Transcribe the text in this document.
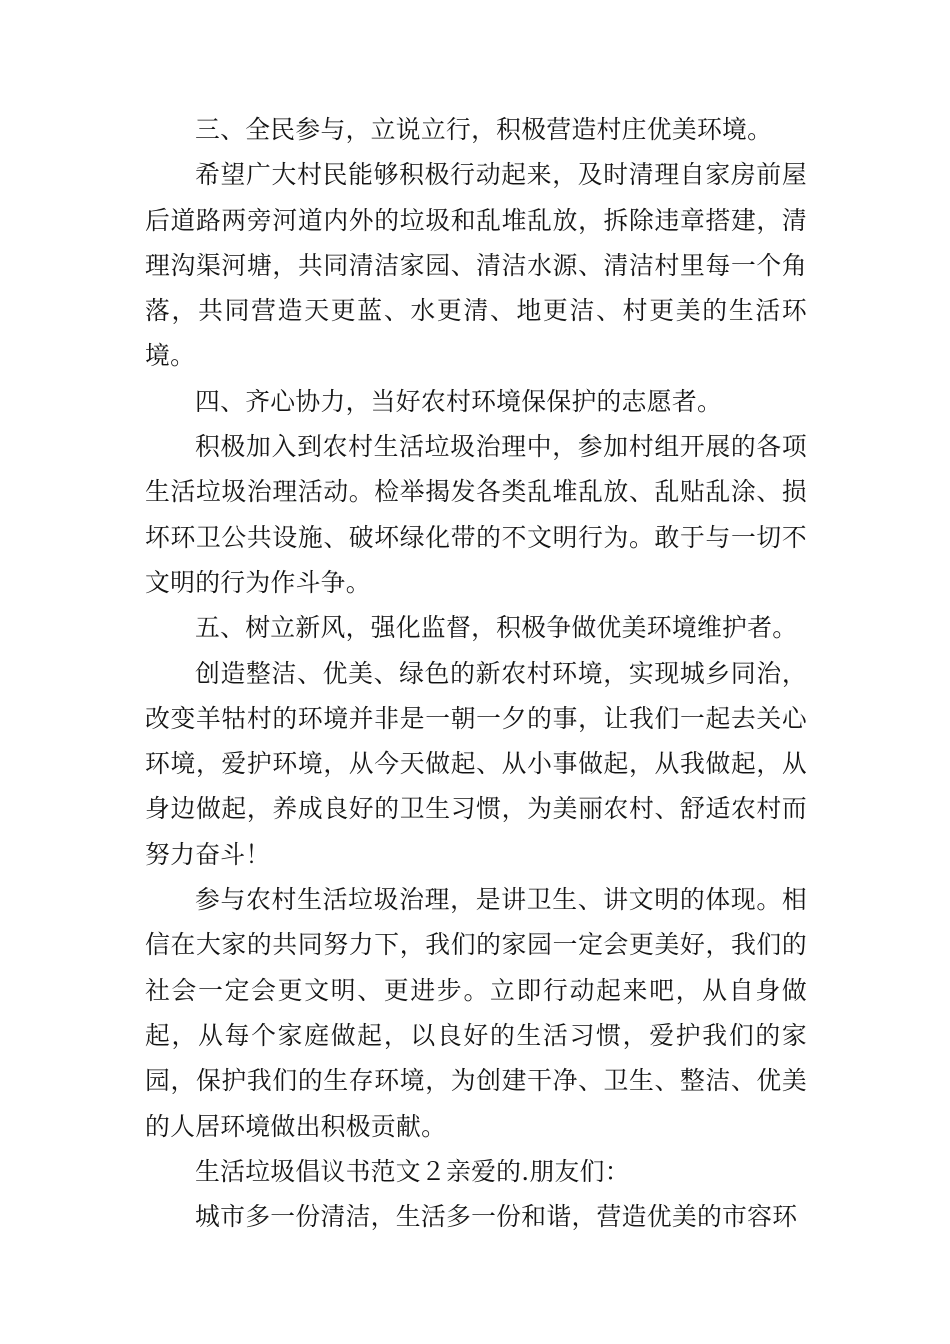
三、全民参与，立说立行，积极营造村庄优美环境。

希望广大村民能够积极行动起来，及时清理自家房前屋后道路两旁河道内外的垃圾和乱堆乱放，拆除违章搭建，清理沟渠河塘，共同清洁家园、清洁水源、清洁村里每一个角落，共同营造天更蓝、水更清、地更洁、村更美的生活环境。

四、齐心协力，当好农村环境保保护的志愿者。

积极加入到农村生活垃圾治理中，参加村组开展的各项生活垃圾治理活动。检举揭发各类乱堆乱放、乱贴乱涂、损坏环卫公共设施、破坏绿化带的不文明行为。敢于与一切不文明的行为作斗争。

五、树立新风，强化监督，积极争做优美环境维护者。

创造整洁、优美、绿色的新农村环境，实现城乡同治，改变羊牯村的环境并非是一朝一夕的事，让我们一起去关心环境，爱护环境，从今天做起、从小事做起，从我做起，从身边做起，养成良好的卫生习惯，为美丽农村、舒适农村而努力奋斗！

参与农村生活垃圾治理，是讲卫生、讲文明的体现。相信在大家的共同努力下，我们的家园一定会更美好，我们的社会一定会更文明、更进步。立即行动起来吧，从自身做起，从每个家庭做起，以良好的生活习惯，爱护我们的家园，保护我们的生存环境，为创建干净、卫生、整洁、优美的人居环境做出积极贡献。

生活垃圾倡议书范文２亲爱的.朋友们：

城市多一份清洁，生活多一份和谐，营造优美的市容环
